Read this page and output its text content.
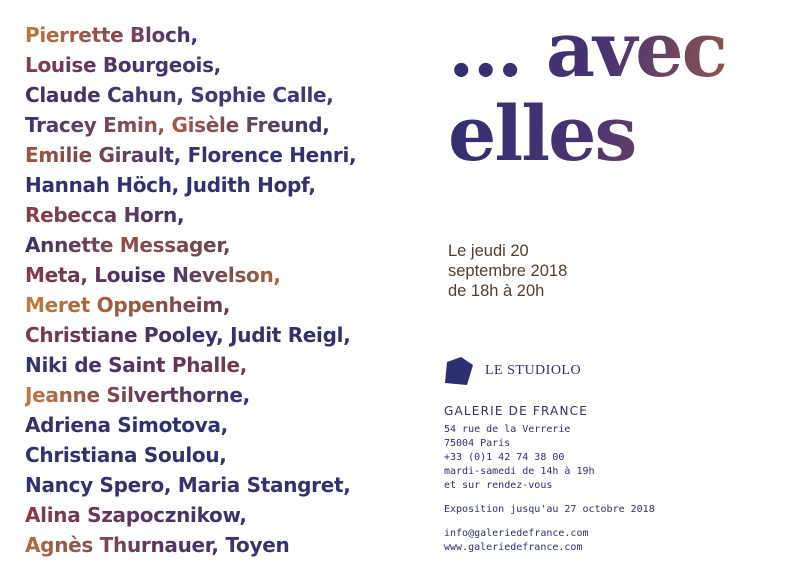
Pierrette Bloch,
Louise Bourgeois,
Claude Cahun, Sophie Calle,
Tracey Emin, Gisèle Freund,
Emilie Girault, Florence Henri,
Hannah Höch, Judith Hopf,
Rebecca Horn,
Annette Messager,
Meta, Louise Nevelson,
Meret Oppenheim,
Christiane Pooley, Judit Reigl,
Niki de Saint Phalle,
Jeanne Silverthorne,
Adriena Simotova,
Christiana Soulou,
Nancy Spero, Maria Stangret,
Alina Szapocznikow,
Agnès Thurnauer, Toyen
... avec
elles
Le jeudi 20
septembre 2018
de 18h à 20h
LE STUDIOLO
GALERIE DE FRANCE
54 rue de la Verrerie
75004 Paris
+33 (0)1 42 74 38 00
mardi-samedi de 14h à 19h
et sur rendez-vous
Exposition jusqu'au 27 octobre 2018
info@galeriedefrance.com
www.galeriedefrance.com
